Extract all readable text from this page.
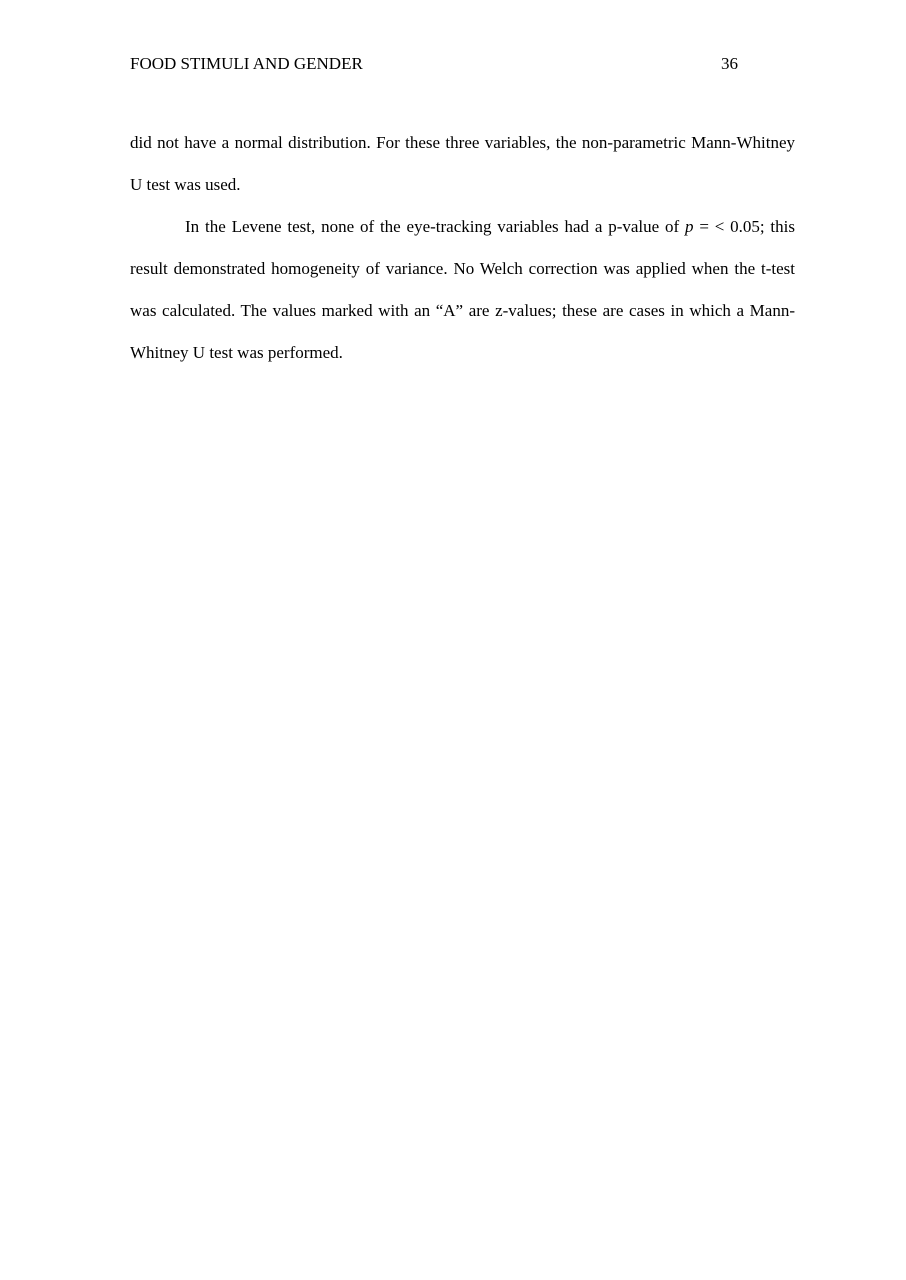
FOOD STIMULI AND GENDER	36

did not have a normal distribution. For these three variables, the non-parametric Mann-Whitney U test was used.

In the Levene test, none of the eye-tracking variables had a p-value of p = < 0.05; this result demonstrated homogeneity of variance. No Welch correction was applied when the t-test was calculated. The values marked with an “A” are z-values; these are cases in which a Mann-Whitney U test was performed.
